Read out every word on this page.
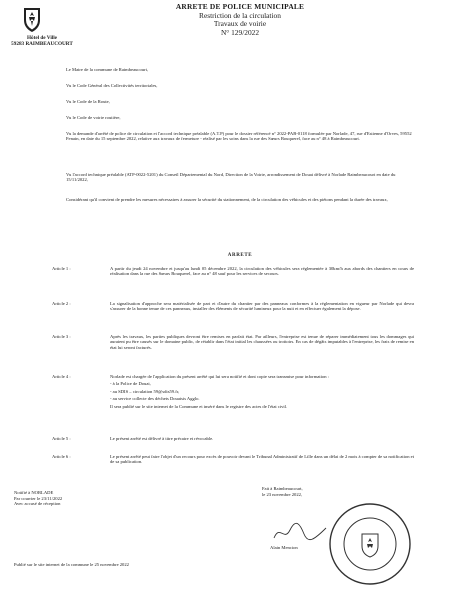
Hôtel de Ville
59283 RAIMBEAUCOURT
ARRETE DE POLICE MUNICIPALE
Restriction de la circulation
Travaux de voirie
N° 129/2022
Le Maire de la commune de Raimbeaucourt,
Vu le Code Général des Collectivités territoriales,
Vu le Code de la Route,
Vu le Code de voirie routière,
Vu la demande d'arrêté de police de circulation et l'accord technique préalable (A.T.P) pour le dossier référencé n° 2022-PAB-0118 formulée par Norlade, 47, rue d'Estienne d'Orves, 59552 Fenain, en date du 15 septembre 2022, relative aux travaux de fermeture - réalisé par les soins dans la rue des Sœurs Bouquerel, face au n° 48 à Raimbeaucourt.
Vu l'accord technique préalable (ATP-0022-5201) du Conseil Départemental du Nord, Direction de la Voirie, arrondissement de Douai délivré à Norlade Raimbeaucourt en date du 15/11/2022,
Considérant qu'il convient de prendre les mesures nécessaires à assurer la sécurité du stationnement, de la circulation des véhicules et des piétons pendant la durée des travaux,
ARRETE
Article 1 :	A partir du jeudi 24 novembre et jusqu'au lundi 05 décembre 2022, la circulation des véhicules sera réglementée à 30km/h aux abords des chantiers en cours de réalisation dans la rue des Sœurs Bouquerel, face au n° 48 sauf pour les services de secours.

Article 2 :	La signalisation d'approche sera matérialisée de part et d'autre du chantier par des panneaux conformes à la réglementation en vigueur par Norlade qui devra s'assurer de la bonne tenue de ces panneaux, installer des éléments de sécurité lumineux pour la nuit et en effectuer également la dépose.

Article 3 :	Après les travaux, les parties publiques devront être remises en parfait état. Par ailleurs, l'entreprise est tenue de réparer immédiatement tous les dommages qui auraient pu être causés sur le domaine public, de rétablir dans l'état initial les chaussées ou trottoirs. En cas de dégâts imputables à l'entreprise, les frais de remise en état lui seront facturés.

Article 4 :	Norlade est chargée de l'application du présent arrêté qui lui sera notifié et dont copie sera transmise pour information :

- à la Police de Douai,

- au SDIS – circulation 59@sdis59.fr,

- au service collecte des déchets Douaisis Agglo.

Il sera publié sur le site internet de la Commune et inséré dans le registre des actes de l'état civil.

Article 5 :	Le présent arrêté est délivré à titre précaire et révocable.

Article 6 :	Le présent arrêté peut faire l'objet d'un recours pour excès de pouvoir devant le Tribunal Administratif de Lille dans un délai de 2 mois à compter de sa notification et de sa publication.

Notifié à NORLADE
Par courrier le 23/11/2022
Avec accusé de réception
Fait à Raimbeaucourt,
le 23 novembre 2022,
Alain Mencion
Publié sur le site internet de la commune le 25 novembre 2022
